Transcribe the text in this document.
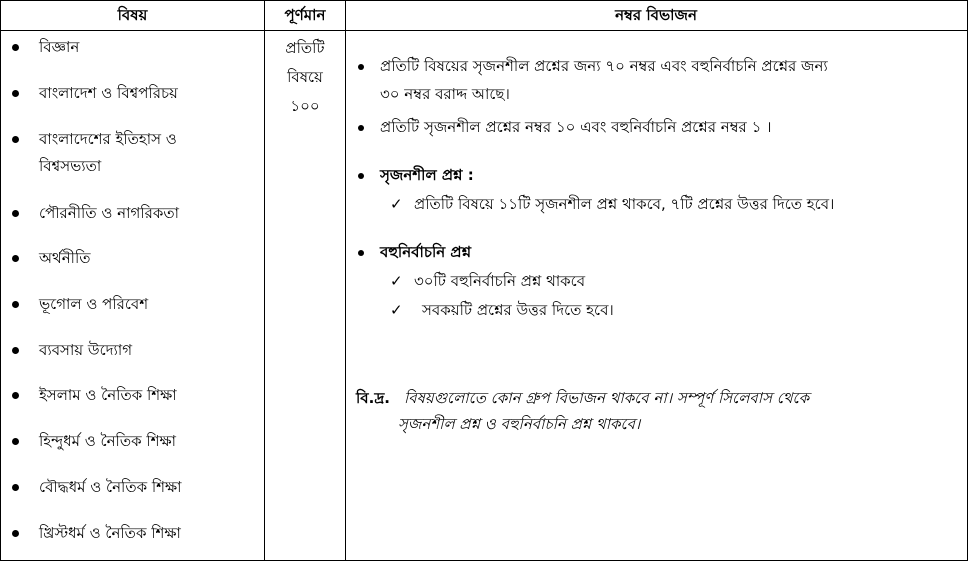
বিষয়	পূর্ণমান	নম্বর বিভাজন
বিজ্ঞান
বাংলাদেশ ও বিশ্বপরিচয়
বাংলাদেশের ইতিহাস ও
বিশ্বসভ্যতা
পৌরনীতি ও নাগরিকতা
অর্থনীতি
ভূগোল ও পরিবেশ
ব্যবসায় উদ্যোগ
ইসলাম ও নৈতিক শিক্ষা
হিন্দুধর্ম ও নৈতিক শিক্ষা
বৌদ্ধধর্ম ও নৈতিক শিক্ষা
খ্রিস্টধর্ম ও নৈতিক শিক্ষা
প্রতিটি
বিষয়ে
১০০
প্রতিটি বিষয়ের সৃজনশীল প্রশ্নের জন্য ৭০ নম্বর এবং বহুনির্বাচনি প্রশ্নের জন্য
৩০ নম্বর বরাদ্দ আছে।
প্রতিটি সৃজনশীল প্রশ্নের নম্বর ১০ এবং বহুনির্বাচনি প্রশ্নের নম্বর ১ ।
সৃজনশীল প্রশ্ন :
✓ প্রতিটি বিষয়ে ১১টি সৃজনশীল প্রশ্ন থাকবে, ৭টি প্রশ্নের উত্তর দিতে হবে।
বহুনির্বাচনি প্রশ্ন
✓ ৩০টি বহুনির্বাচনি প্রশ্ন থাকবে
✓ সবকয়টি প্রশ্নের উত্তর দিতে হবে।
বি.দ্র. বিষয়গুলোতে কোন গ্রুপ বিভাজন থাকবে না। সম্পূর্ণ সিলেবাস থেকে
সৃজনশীল প্রশ্ন ও বহুনির্বাচনি প্রশ্ন থাকবে।
